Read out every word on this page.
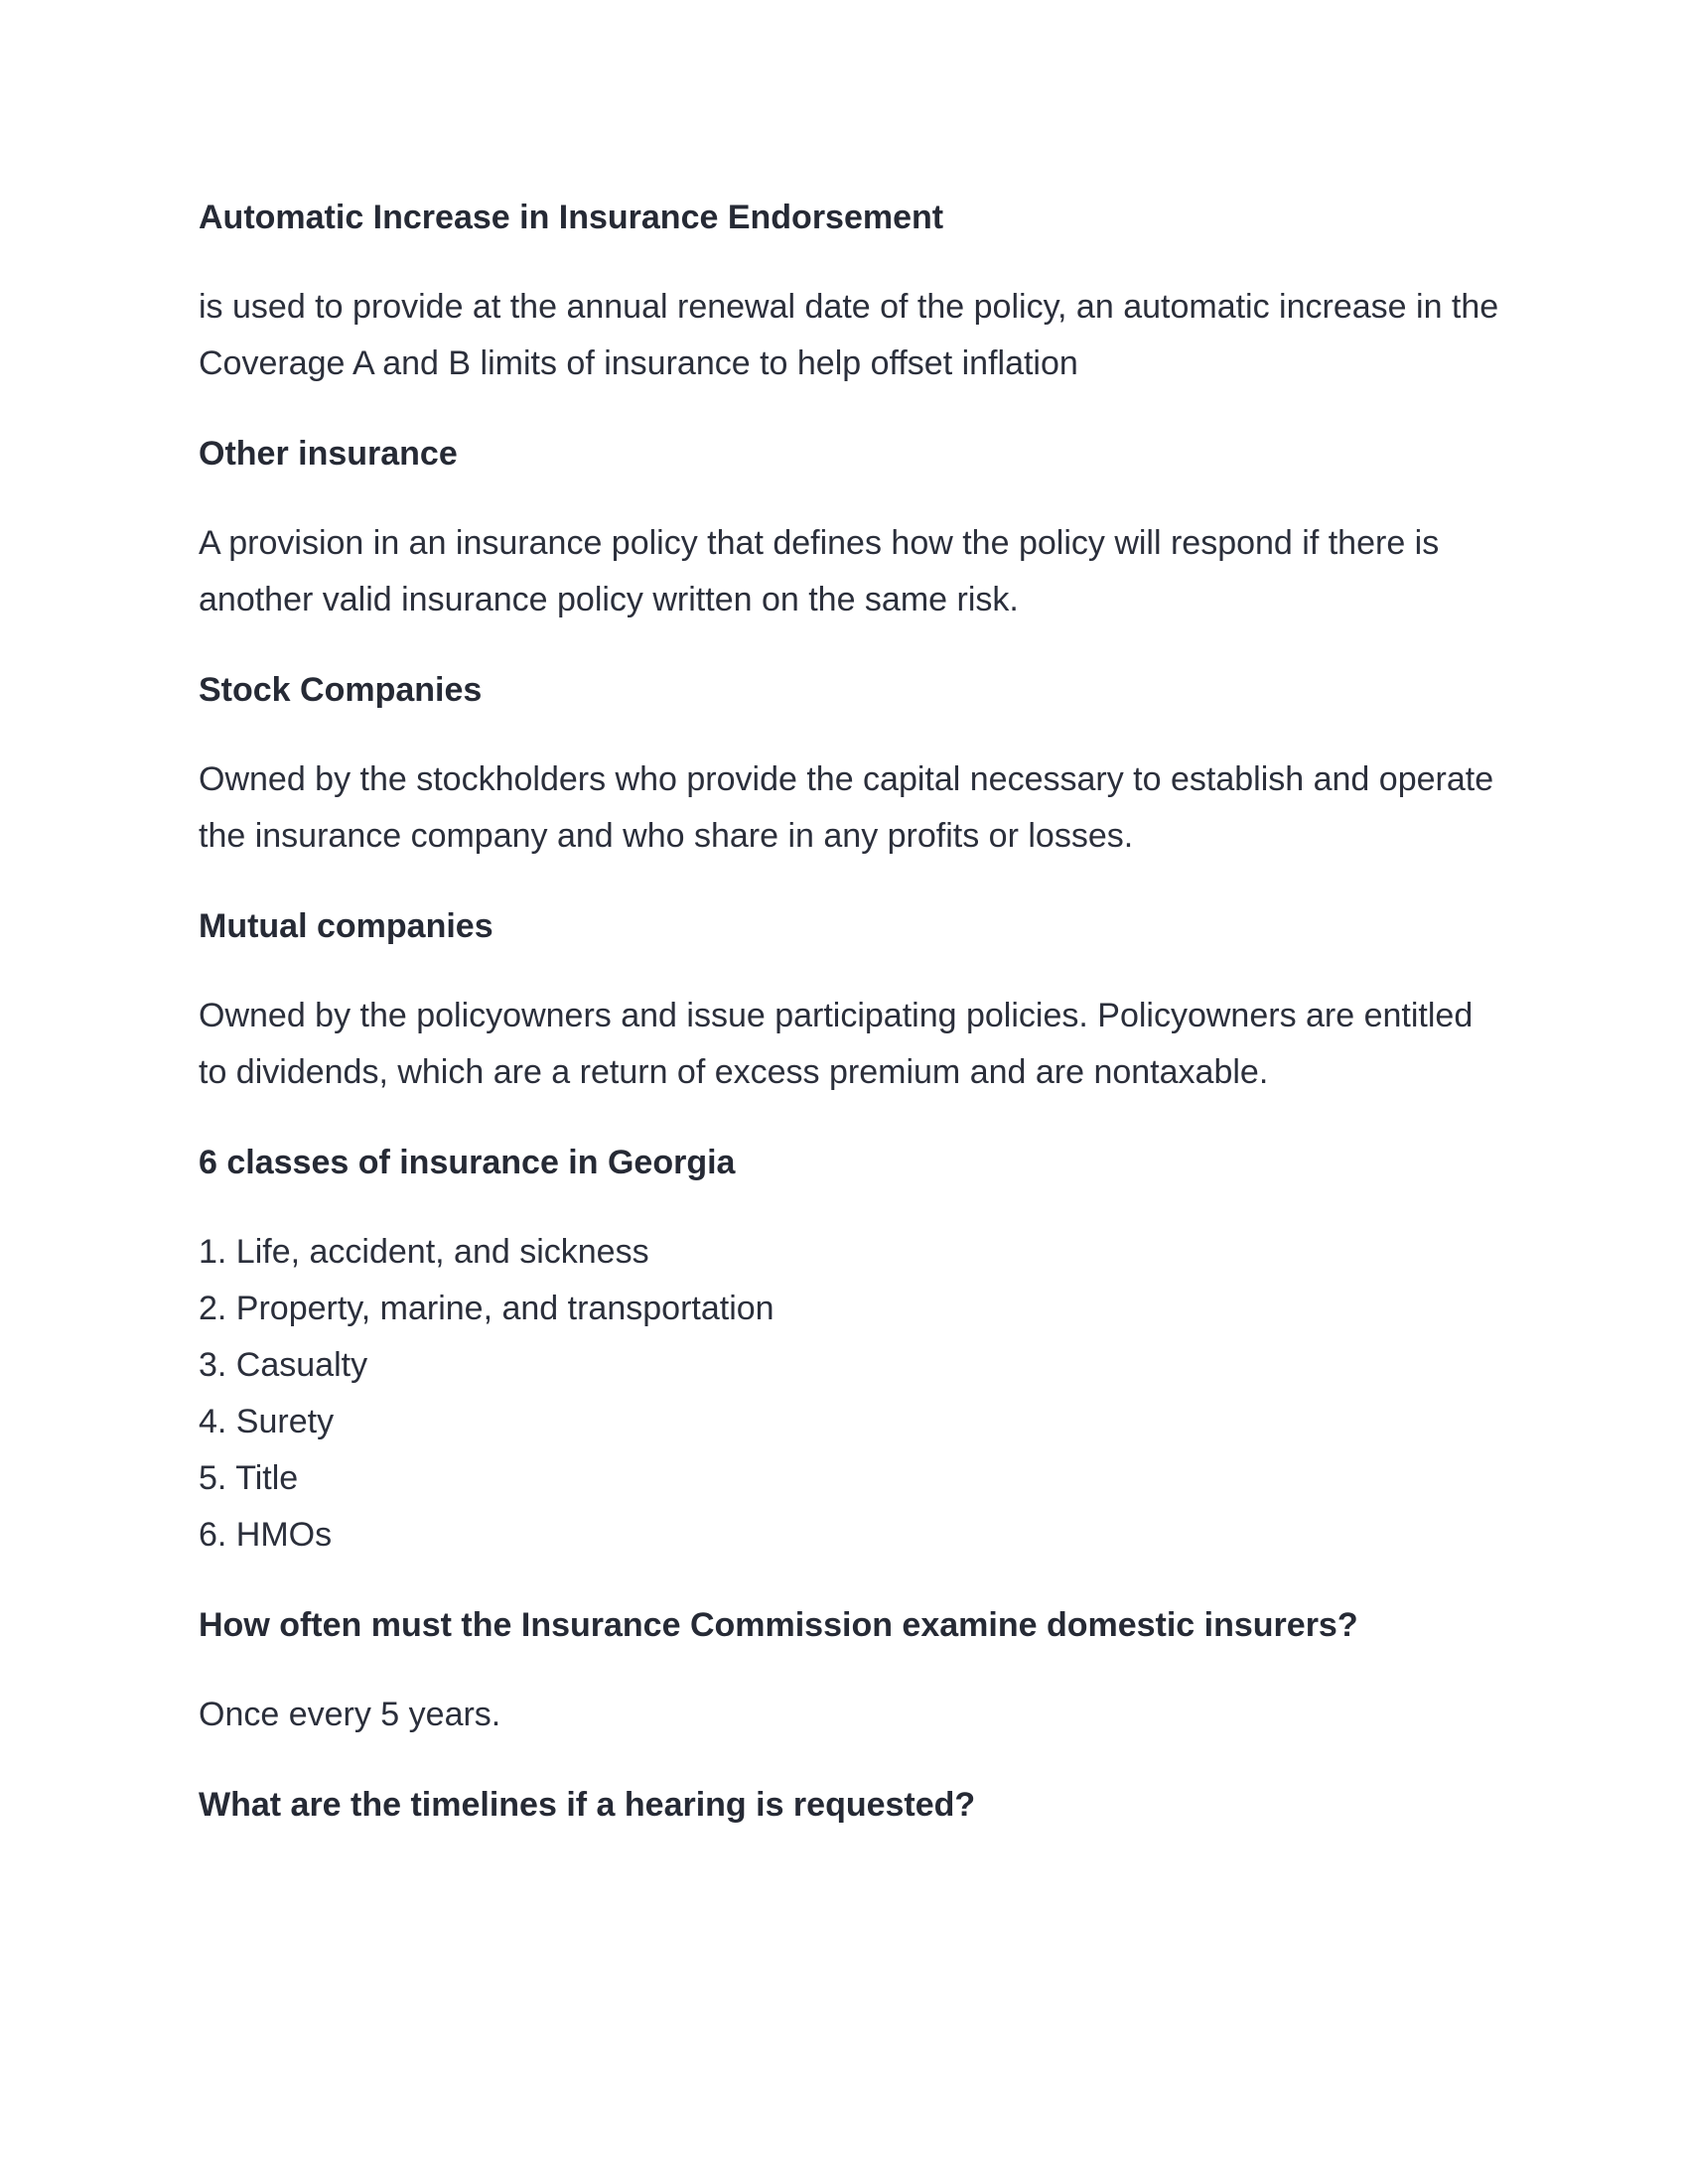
Automatic Increase in Insurance Endorsement
is used to provide at the annual renewal date of the policy, an automatic increase in the Coverage A and B limits of insurance to help offset inflation
Other insurance
A provision in an insurance policy that defines how the policy will respond if there is another valid insurance policy written on the same risk.
Stock Companies
Owned by the stockholders who provide the capital necessary to establish and operate the insurance company and who share in any profits or losses.
Mutual companies
Owned by the policyowners and issue participating policies. Policyowners are entitled to dividends, which are a return of excess premium and are nontaxable.
6 classes of insurance in Georgia
1. Life, accident, and sickness
2. Property, marine, and transportation
3. Casualty
4. Surety
5. Title
6. HMOs
How often must the Insurance Commission examine domestic insurers?
Once every 5 years.
What are the timelines if a hearing is requested?
